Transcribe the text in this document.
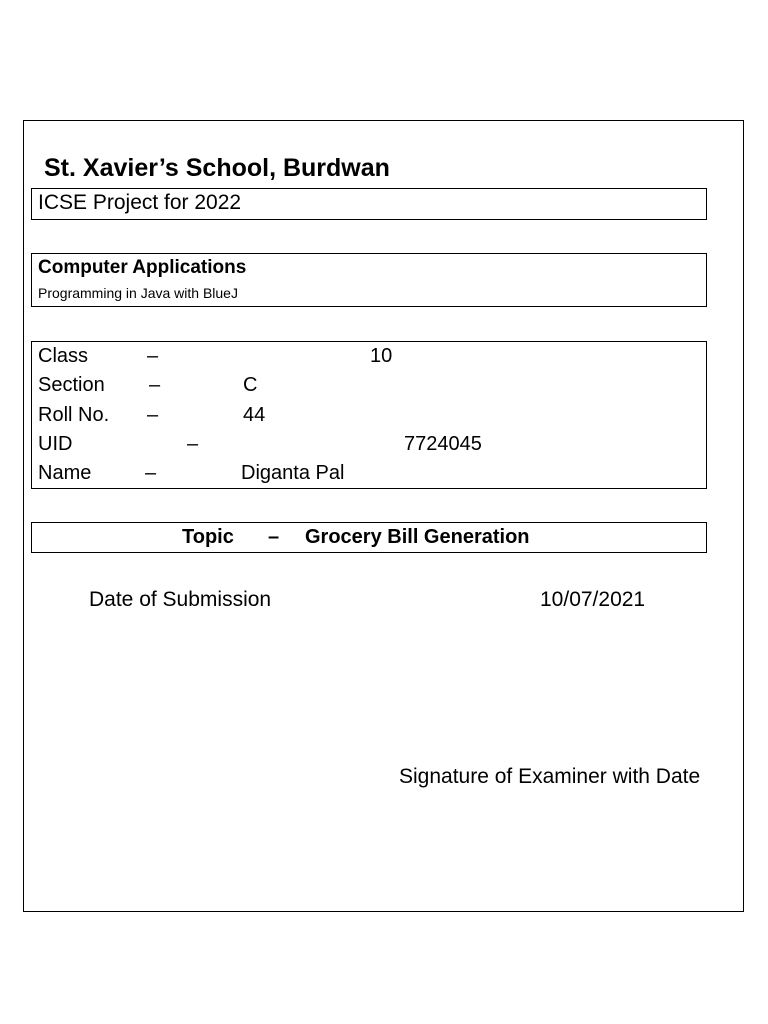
St. Xavier’s School, Burdwan
ICSE Project for 2022
Computer Applications
Programming in Java with BlueJ
Class	–	10
Section –	C
Roll No. –	44
UID	–	7724045
Name	–	Diganta Pal
Topic – Grocery Bill Generation
Date of Submission	10/07/2021
Signature of Examiner with Date
